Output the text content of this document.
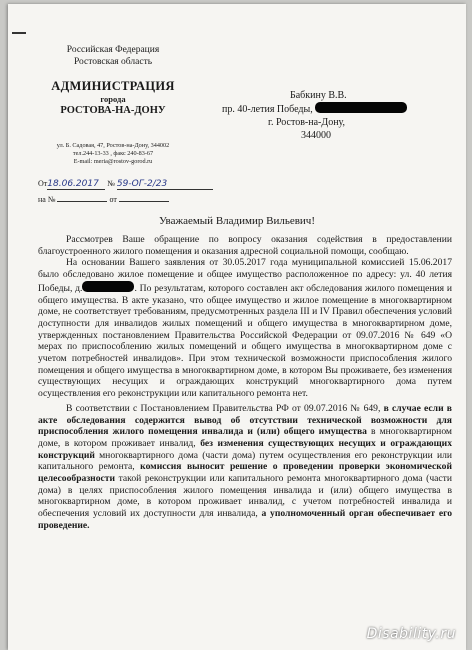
Российская Федерация
Ростовская область
АДМИНИСТРАЦИЯ
города
РОСТОВА-НА-ДОНУ
ул. Б. Садовая, 47, Ростов-на-Дону, 344002
тел.244-13-33 , факс 240-83-67
E-mail: meria@rostov-gorod.ru
Бабкину В.В.
пр. 40-летия Победы,
г. Ростов-на-Дону,
344000
От18.06.2017 № 59-ОГ-2/23
на №	от
Уважаемый Владимир Вильевич!

Рассмотрев Ваше обращение по вопросу оказания содействия в предоставлении благоустроенного жилого помещения и оказания адресной социальной помощи, сообщаю.

На основании Вашего заявления от 30.05.2017 года муниципальной комиссией 15.06.2017 было обследовано жилое помещение и общее имущество расположенное по адресу: ул. 40 летия Победы, д.	. По результатам, которого составлен акт обследования жилого помещения и общего имущества. В акте указано, что общее имущество и жилое помещение в многоквартирном доме, не соответствует требованиям, предусмотренных раздела III и IV Правил обеспечения условий доступности для инвалидов жилых помещений и общего имущества в многоквартирном доме, утвержденных постановлением Правительства Российской Федерации от 09.07.2016 № 649 «О мерах по приспособлению жилых помещений и общего имущества в многоквартирном доме с учетом потребностей инвалидов». При этом технической возможности приспособления жилого помещения и общего имущества в многоквартирном доме, в котором Вы проживаете, без изменения существующих несущих и ограждающих конструкций многоквартирного дома путем осуществления его реконструкции или капитального ремонта нет.

В соответствии с Постановлением Правительства РФ от 09.07.2016 № 649, в случае если в акте обследования содержится вывод об отсутствии технической возможности для приспособления жилого помещения инвалида и (или) общего имущества в многоквартирном доме, в котором проживает инвалид, без изменения существующих несущих и ограждающих конструкций многоквартирного дома (части дома) путем осуществления его реконструкции или капитального ремонта, комиссия выносит решение о проведении проверки экономической целесообразности такой реконструкции или капитального ремонта многоквартирного дома (части дома) в целях приспособления жилого помещения инвалида и (или) общего имущества в многоквартирном доме, в котором проживает инвалид, с учетом потребностей инвалида и обеспечения условий их доступности для инвалида, а уполномоченный орган обеспечивает его проведение.

Disability.ru
